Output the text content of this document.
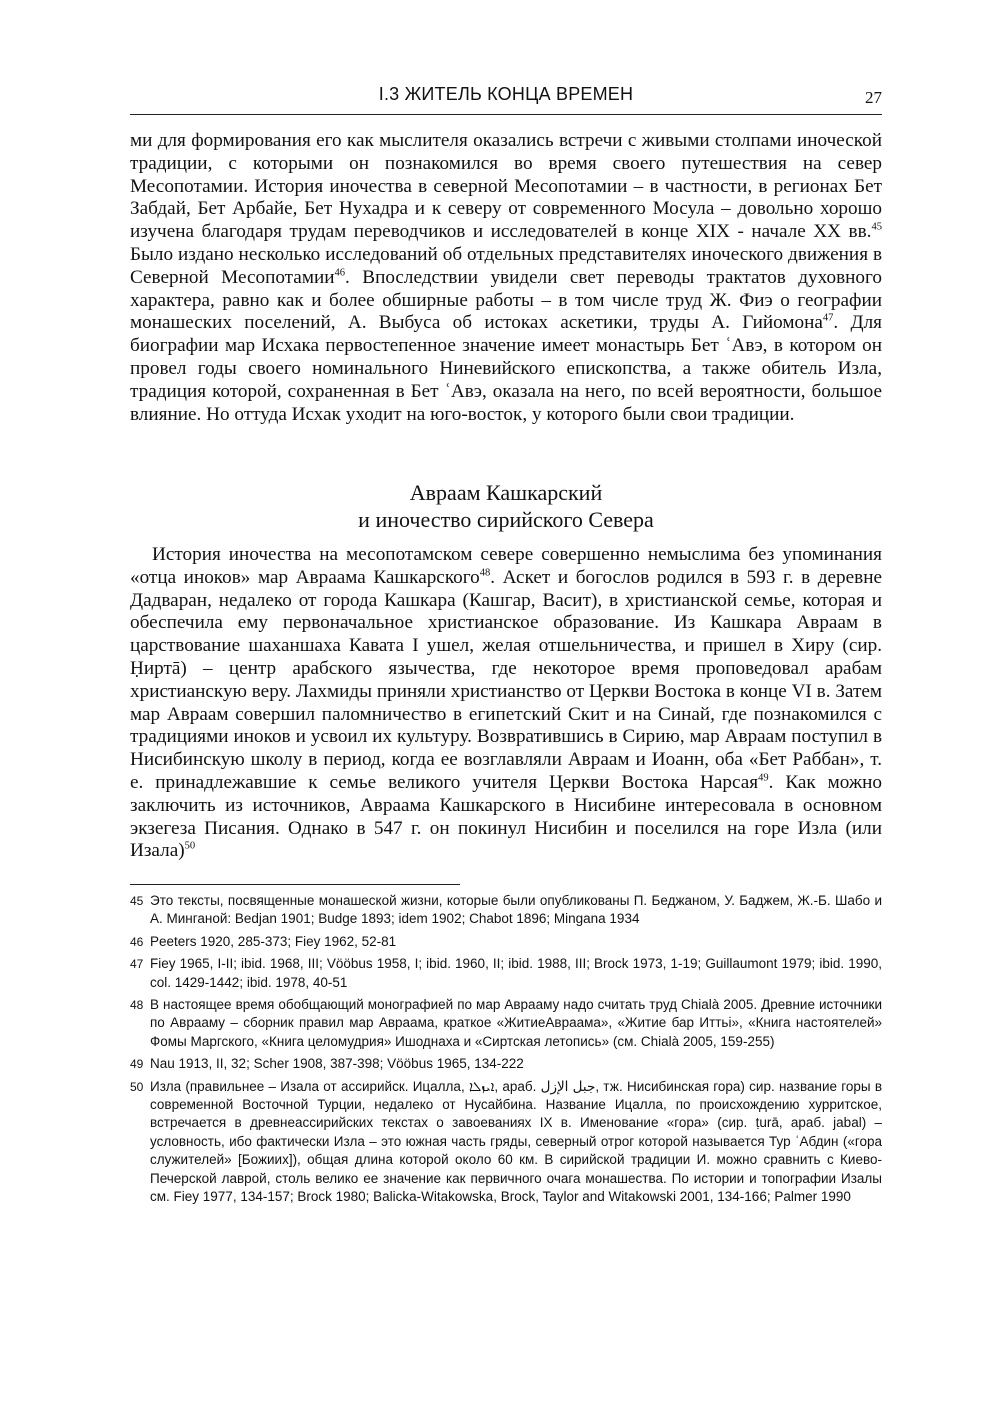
I.3 ЖИТЕЛЬ КОНЦА ВРЕМЕН	27

ми для формирования его как мыслителя оказались встречи с живыми столпами иноческой традиции, с которыми он познакомился во время своего путешествия на север Месопотамии. История иночества в северной Месопотамии – в частности, в регионах Бет Забдай, Бет Арбайе, Бет Нухадра и к северу от современного Мосула – довольно хорошо изучена благодаря трудам переводчиков и исследователей в конце XIX - начале XX вв.$^{45}$ Было издано несколько исследований об отдельных представителях иноческого движения в Северной Месопотамии$^{46}$. Впоследствии увидели свет переводы трактатов духовного характера, равно как и более обширные работы – в том числе труд Ж. Фиэ о географии монашеских поселений, А. Выбуса об истоках аскетики, труды А. Гийомона$^{47}$. Для биографии мар Исхака первостепенное значение имеет монастырь Бет ʿАвэ, в котором он провел годы своего номинального Ниневийского епископства, а также обитель Изла, традиция которой, сохраненная в Бет ʿАвэ, оказала на него, по всей вероятности, большое влияние. Но оттуда Исхак уходит на юго-восток, у которого были свои традиции.

Авраам Кашкарский
и иночество сирийского Севера

История иночества на месопотамском севере совершенно немыслима без упоминания «отца иноков» мар Авраама Кашкарского$^{48}$. Аскет и богослов родился в 593 г. в деревне Дадваран, недалеко от города Кашкара (Кашгар, Васит), в христианской семье, которая и обеспечила ему первоначальное христианское образование. Из Кашкара Авраам в царствование шаханшаха Кавата I ушел, желая отшельничества, и пришел в Хиру (сир. Ḥиртā) – центр арабского язычества, где некоторое время проповедовал арабам христианскую веру. Лахмиды приняли христианство от Церкви Востока в конце VI в. Затем мар Авраам совершил паломничество в египетский Скит и на Синай, где познакомился с традициями иноков и усвоил их культуру. Возвратившись в Сирию, мар Авраам поступил в Нисибинскую школу в период, когда ее возглавляли Авраам и Иоанн, оба «Бет Раббан», т. е. принадлежавшие к семье великого учителя Церкви Востока Нарсая$^{49}$. Как можно заключить из источников, Авраама Кашкарского в Нисибине интересовала в основном экзегеза Писания. Однако в 547 г. он покинул Нисибин и поселился на горе Изла (или Изала)$^{50}$

45 Это тексты, посвященные монашеской жизни, которые были опубликованы П. Беджаном, У. Баджем, Ж.-Б. Шабо и А. Минганой: Bedjan 1901; Budge 1893; idem 1902; Chabot 1896; Mingana 1934
46 Peeters 1920, 285-373; Fiey 1962, 52-81
47 Fiey 1965, I-II; ibid. 1968, III; Vööbus 1958, I; ibid. 1960, II; ibid. 1988, III; Brock 1973, 1-19; Guillaumont 1979; ibid. 1990, col. 1429-1442; ibid. 1978, 40-51
48 В настоящее время обобщающий монографией по мар Аврааму надо считать труд Chialà 2005. Древние источники по Аврааму – сборник правил мар Авраама, краткое «ЖитиеАвраама», «Житие бар Иттьі», «Книга настоятелей» Фомы Маргского, «Книга целомудрия» Ишоднаха и «Сиртская летопись» (см. Chialà 2005, 159-255)
49 Nau 1913, II, 32; Scher 1908, 387-398; Vööbus 1965, 134-222
50 Изла (правильнее – Изала от ассирийск. Ицалла, ܐܝܙܠܐ, араб. جبل الإزل, тж. Нисибинская гора) сир. название горы в современной Восточной Турции, недалеко от Нусайбина. Название Ицалла, по происхождению хурритское, встречается в древнеассирийских текстах о завоеваниях IX в. Именование «гора» (сир. ṭurā, араб. jabal) – условность, ибо фактически Изла – это южная часть гряды, северный отрог которой называется Тур ʿАбдин («гора служителей» [Божиих]), общая длина которой около 60 км. В сирийской традиции И. можно сравнить с Киево-Печерской лаврой, столь велико ее значение как первичного очага монашества. По истории и топографии Изалы см. Fiey 1977, 134-157; Brock 1980; Balicka-Witakowska, Brock, Taylor and Witakowski 2001, 134-166; Palmer 1990
